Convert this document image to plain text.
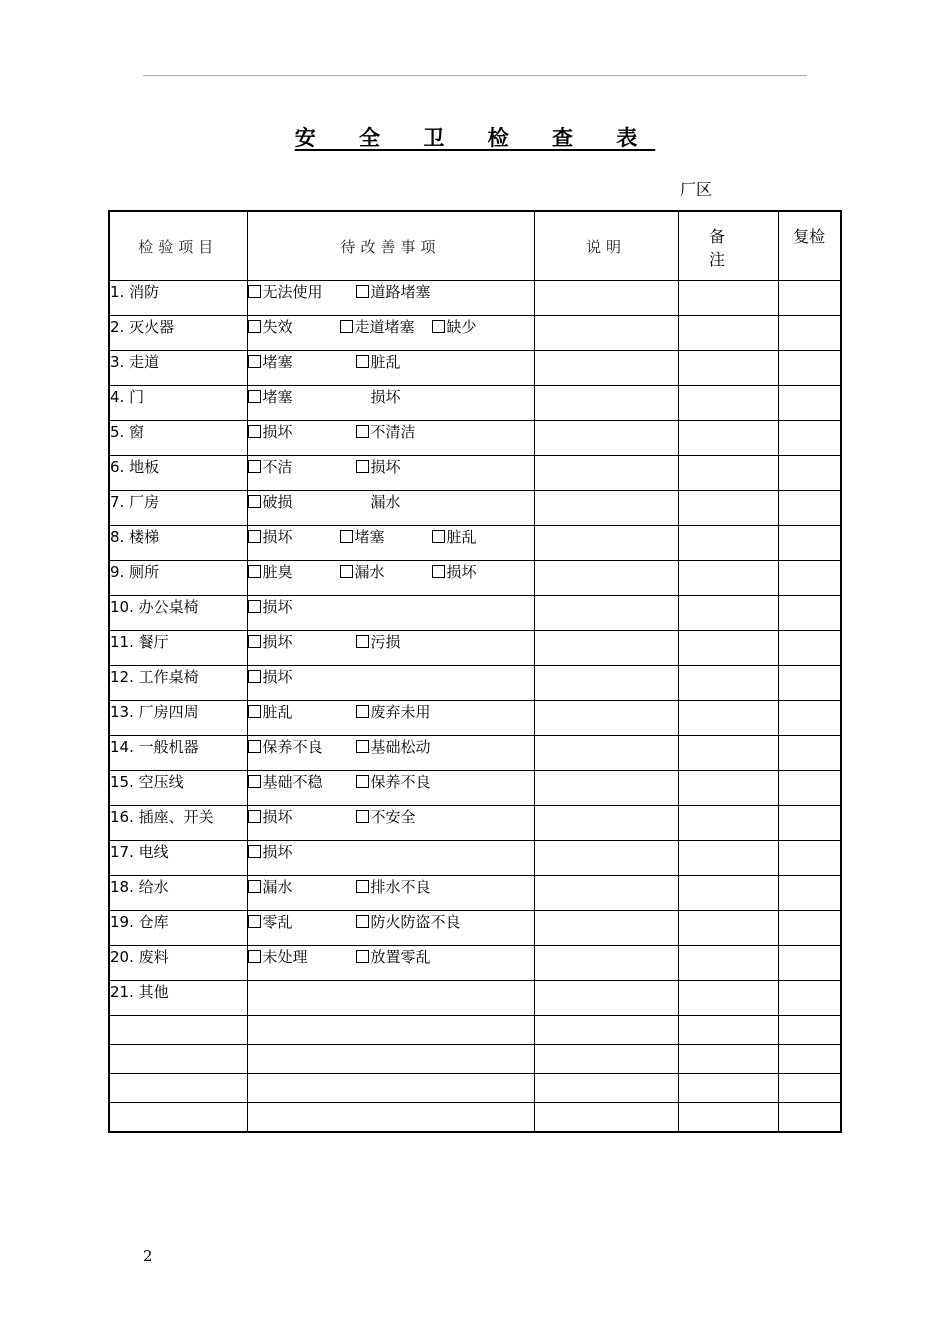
安 全 卫 检 查 表
厂区
检验项目	待改善事项	说明	备 注	复检
1. 消防	无法使用 道路堵塞			
2. 灭火器	失效 走道堵塞 缺少			
3. 走道	堵塞 脏乱			
4. 门	堵塞 损坏			
5. 窗	损坏 不清洁			
6. 地板	不洁 损坏			
7. 厂房	破损 漏水			
8. 楼梯	损坏 堵塞 脏乱			
9. 厕所	脏臭 漏水 损坏			
10. 办公桌椅	损坏			
11. 餐厅	损坏 污损			
12. 工作桌椅	损坏			
13. 厂房四周	脏乱 废弃未用			
14. 一般机器	保养不良 基础松动			
15. 空压线	基础不稳 保养不良			
16. 插座、开关	损坏 不安全			
17. 电线	损坏			
18. 给水	漏水 排水不良			
19. 仓库	零乱 防火防盗不良			
20. 废料	未处理 放置零乱			
21. 其他				

2
